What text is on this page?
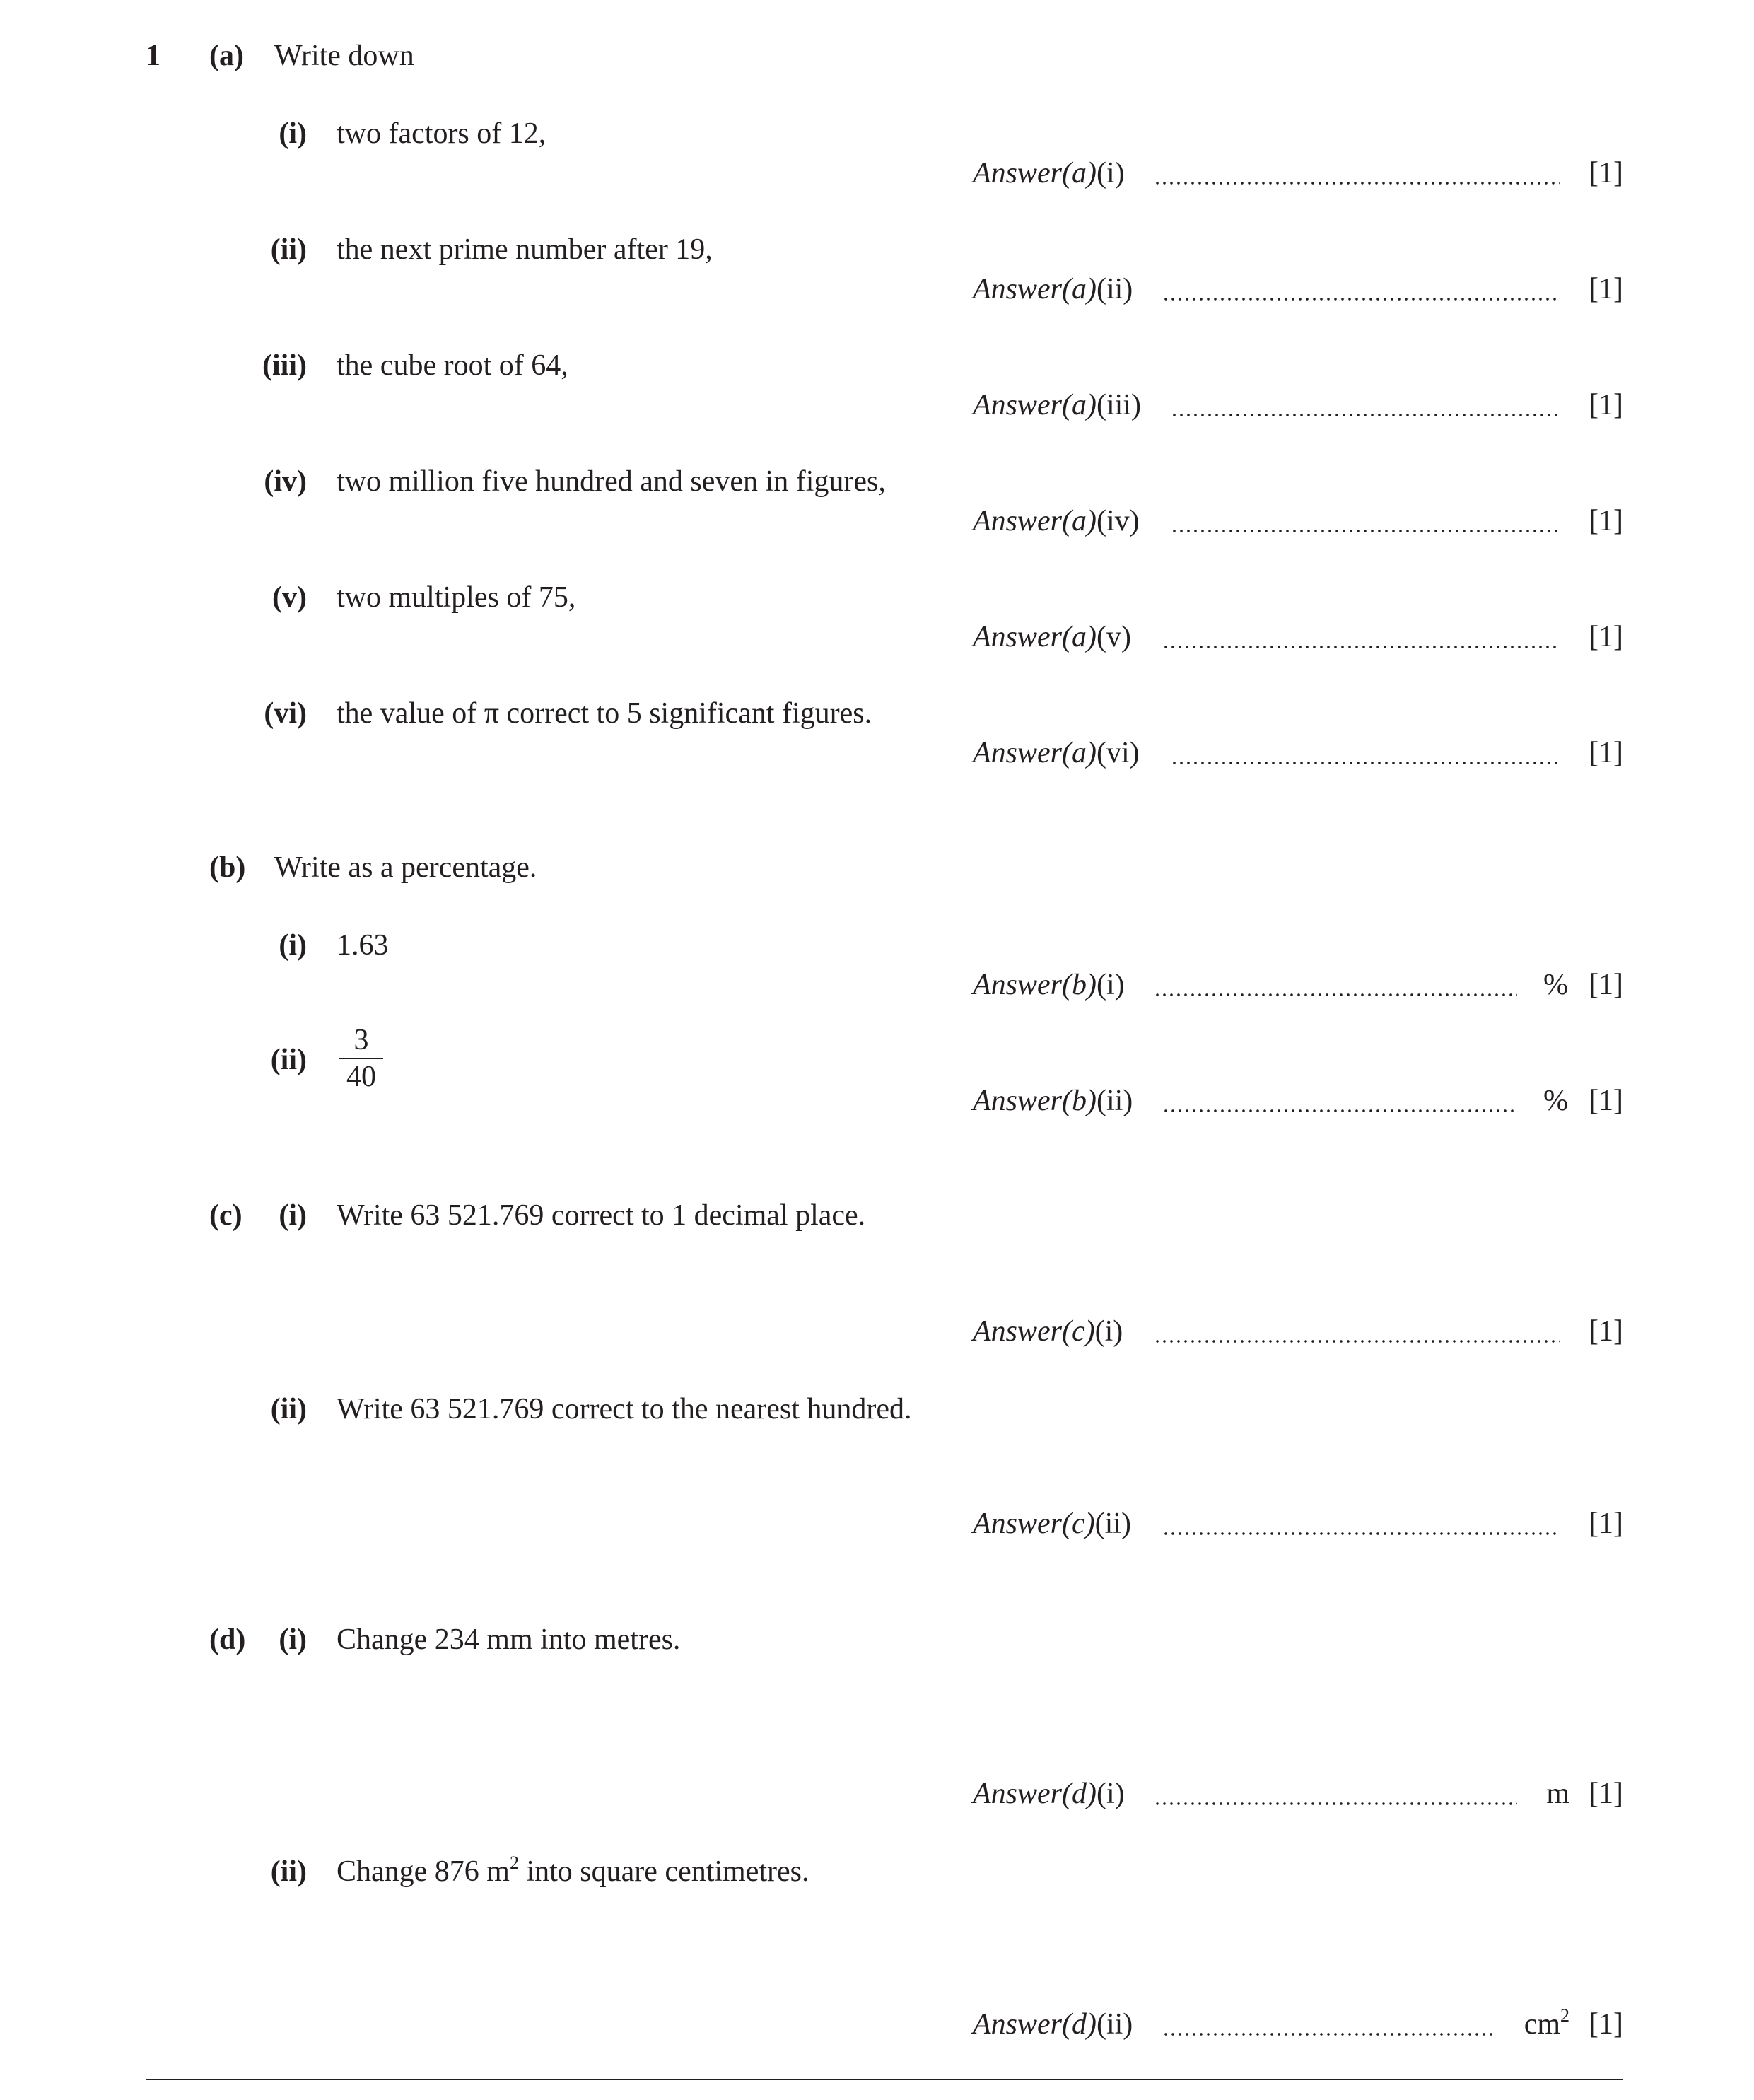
1 (a) Write down
(i) two factors of 12,
Answer(a)(i)	[1]
(ii) the next prime number after 19,
Answer(a)(ii)	[1]
(iii) the cube root of 64,
Answer(a)(iii)	[1]
(iv) two million five hundred and seven in figures,
Answer(a)(iv)	[1]
(v) two multiples of 75,
Answer(a)(v)	[1]
(vi) the value of π correct to 5 significant figures.
Answer(a)(vi)	[1]
(b) Write as a percentage.
(i) 1.63
Answer(b)(i)	% [1]
$(ii) \frac{3}{40}$
Answer(b)(ii)	% [1]
(c) (i) Write 63 521.769 correct to 1 decimal place.
Answer(c)(i)	[1]
(ii) Write 63 521.769 correct to the nearest hundred.
Answer(c)(ii)	[1]
(d) (i) Change 234 mm into metres.
Answer(d)(i)	m [1]
(ii) Change 876 $m^2$ into square centimetres.
Answer(d)(ii)	$cm^2$ [1]
